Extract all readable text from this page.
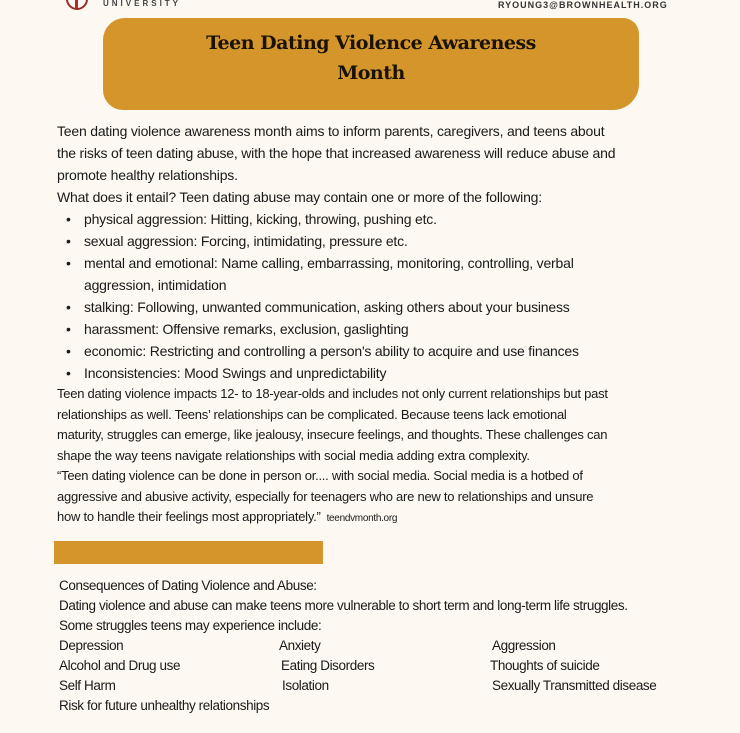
UNIVERSITY	RYOUNG3@BROWNHEALTH.ORG
Teen Dating Violence Awareness
Month
Teen dating violence awareness month aims to inform parents, caregivers, and teens about
the risks of teen dating abuse, with the hope that increased awareness will reduce abuse and
promote healthy relationships.
What does it entail? Teen dating abuse may contain one or more of the following:
• physical aggression: Hitting, kicking, throwing, pushing etc.
• sexual aggression: Forcing, intimidating, pressure etc.
• mental and emotional: Name calling, embarrassing, monitoring, controlling, verbal
aggression, intimidation
• stalking: Following, unwanted communication, asking others about your business
• harassment: Offensive remarks, exclusion, gaslighting
• economic: Restricting and controlling a person's ability to acquire and use finances
• Inconsistencies: Mood Swings and unpredictability
Teen dating violence impacts 12- to 18-year-olds and includes not only current relationships but past
relationships as well. Teens’ relationships can be complicated. Because teens lack emotional
maturity, struggles can emerge, like jealousy, insecure feelings, and thoughts. These challenges can
shape the way teens navigate relationships with social media adding extra complexity.
“Teen dating violence can be done in person or.... with social media. Social media is a hotbed of
aggressive and abusive activity, especially for teenagers who are new to relationships and unsure
how to handle their feelings most appropriately.” teendvmonth.org
Consequences of Dating Violence and Abuse:
Dating violence and abuse can make teens more vulnerable to short term and long-term life struggles.
Some struggles teens may experience include:
Depression	Anxiety	Aggression
Alcohol and Drug use	Eating Disorders	Thoughts of suicide
Self Harm	Isolation	Sexually Transmitted disease
Risk for future unhealthy relationships
